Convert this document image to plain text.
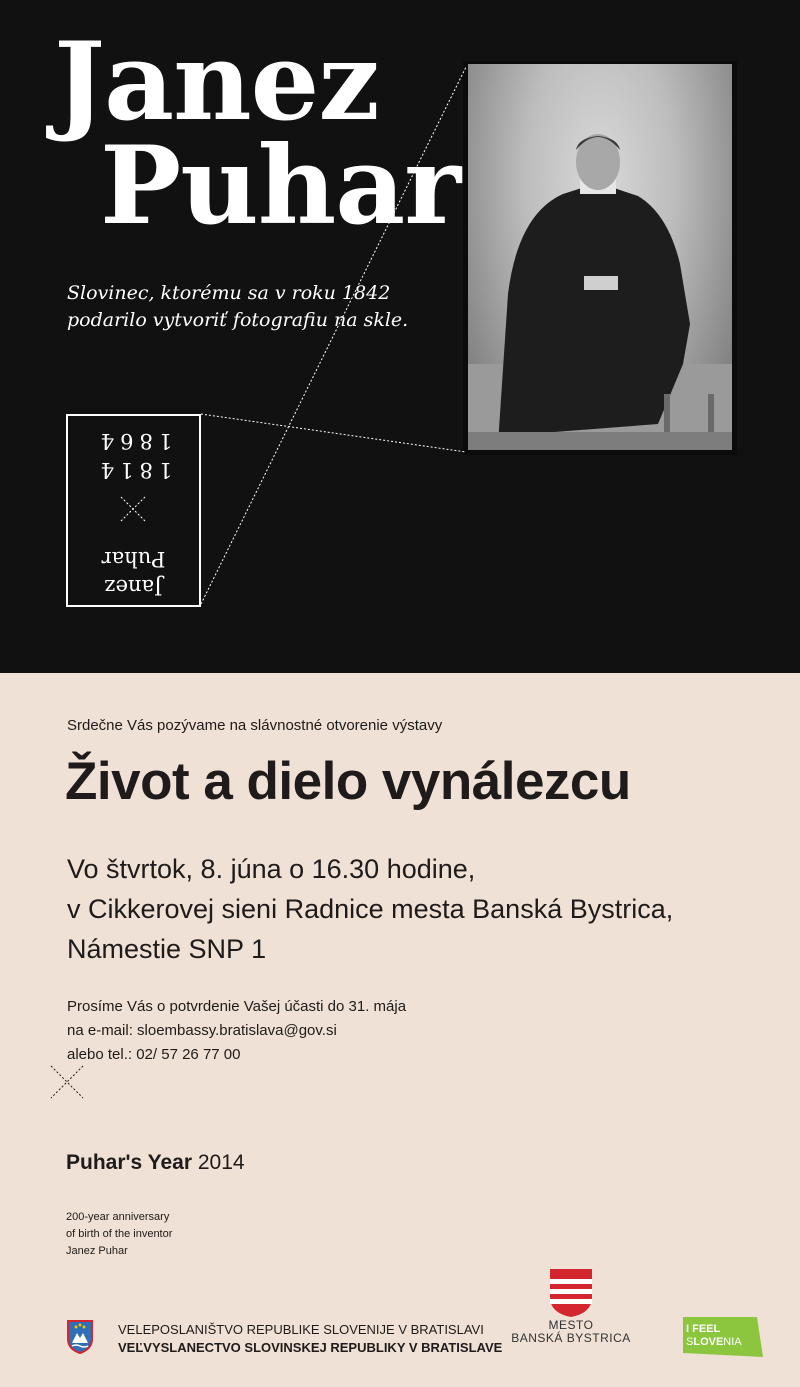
Janez
Puhar
Slovinec, ktorému sa v roku 1842
podarilo vytvoriť fotografiu na skle.
Janez
Puhar
1814
1864
Srdečne Vás pozývame na slávnostné otvorenie výstavy
Život a dielo vynálezcu
Vo štvrtok, 8. júna o 16.30 hodine,
v Cikkerovej sieni Radnice mesta Banská Bystrica,
Námestie SNP 1
Prosíme Vás o potvrdenie Vašej účasti do 31. mája
na e-mail: sloembassy.bratislava@gov.si
alebo tel.: 02/ 57 26 77 00
Puhar's Year 2014
200-year anniversary
of birth of the inventor
Janez Puhar
VELEPOSLANIŠTVO REPUBLIKE SLOVENIJE V BRATISLAVI
VEĽVYSLANECTVO SLOVINSKEJ REPUBLIKY V BRATISLAVE
MESTO
BANSKÁ BYSTRICA
I FEEL
SLOVENIA
